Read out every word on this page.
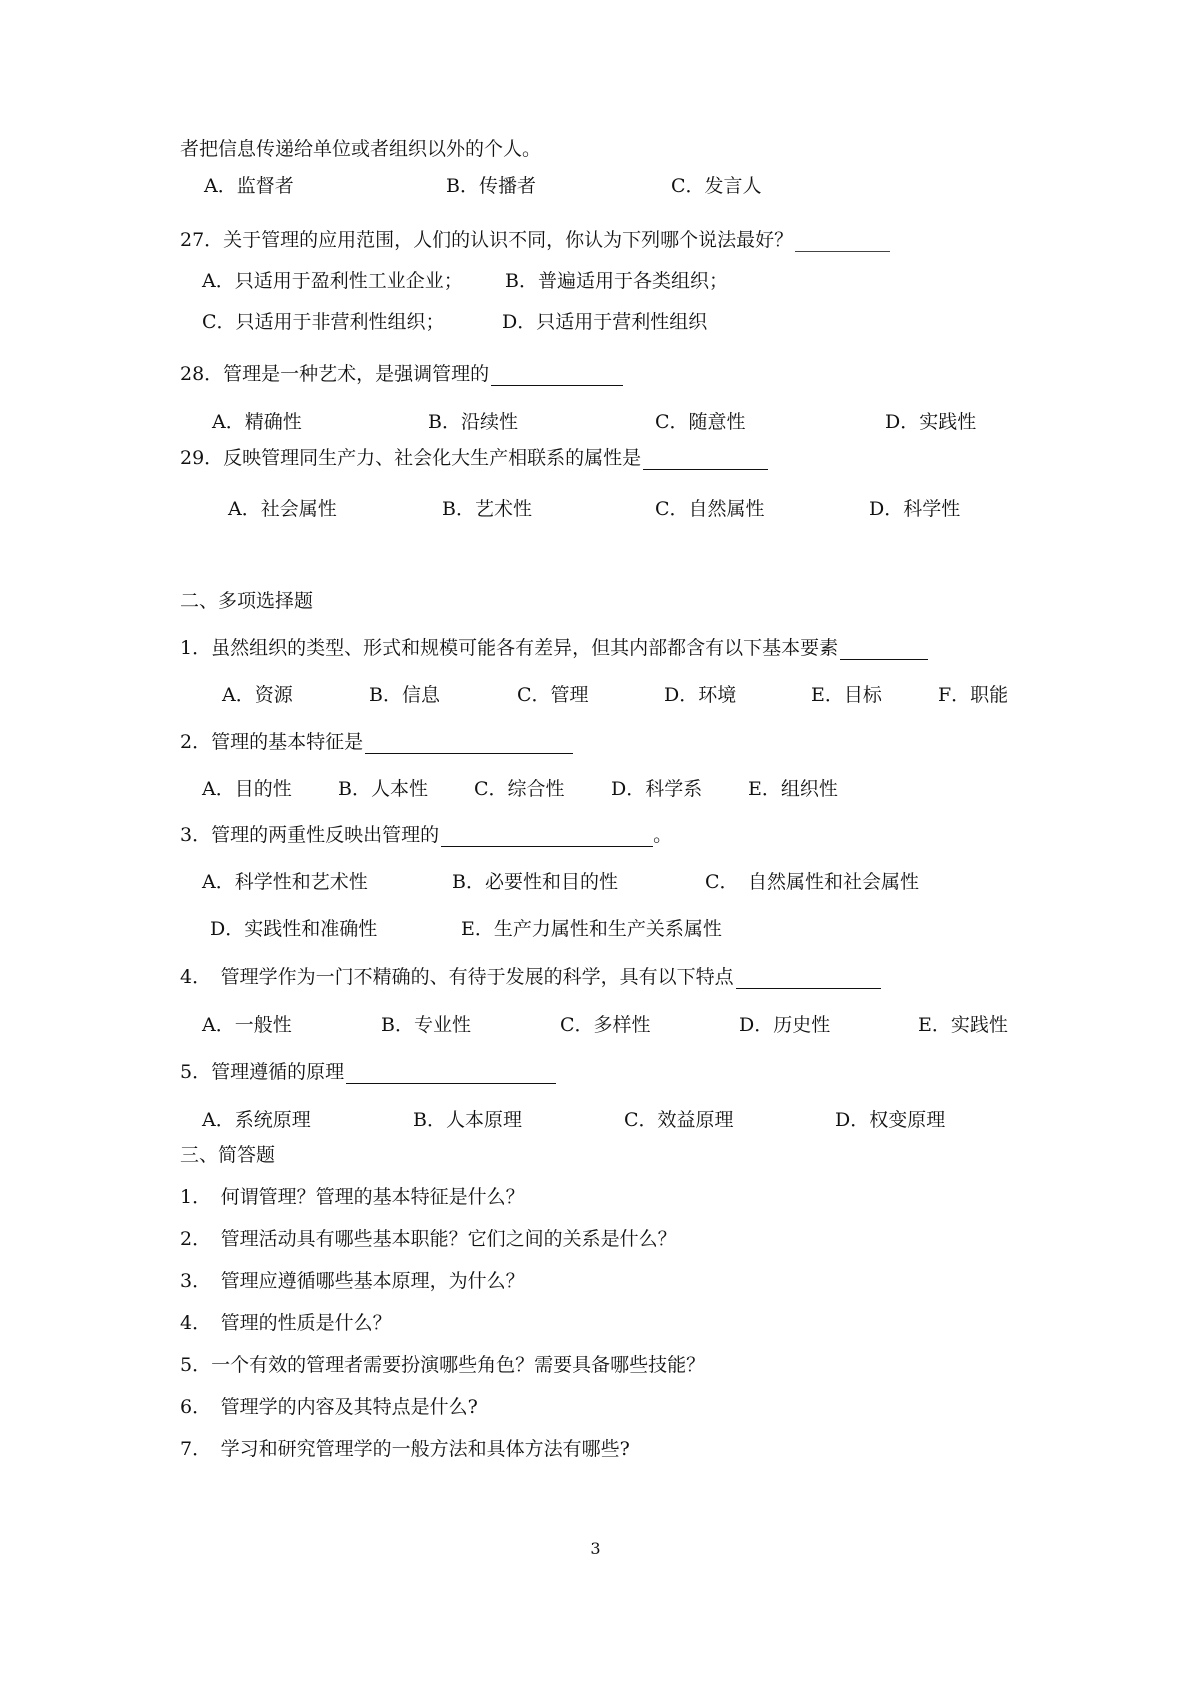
者把信息传递给单位或者组织以外的个人。
A．监督者	B．传播者	C．发言人
27．关于管理的应用范围，人们的认识不同，你认为下列哪个说法最好？
A．只适用于盈利性工业企业； B．普遍适用于各类组织；
C．只适用于非营利性组织；	D．只适用于营利性组织
28．管理是一种艺术，是强调管理的
A．精确性	B．沿续性	C．随意性	D．实践性
29．反映管理同生产力、社会化大生产相联系的属性是
A．社会属性	B．艺术性	C．自然属性	D．科学性
二、多项选择题
1．虽然组织的类型、形式和规模可能各有差异，但其内部都含有以下基本要素
A．资源	B．信息	C．管理	D．环境	E．目标	F．职能
2．管理的基本特征是
A．目的性 B．人本性 C．综合性 D．科学系 E．组织性
3．管理的两重性反映出管理的	。
A．科学性和艺术性	B．必要性和目的性	C．　自然属性和社会属性
D．实践性和准确性	E．生产力属性和生产关系属性
4．　管理学作为一门不精确的、有待于发展的科学，具有以下特点
A．一般性	B．专业性	C．多样性	D．历史性	E．实践性
5．管理遵循的原理
A．系统原理	B．人本原理	C．效益原理	D．权变原理
三、简答题
1．　何谓管理？管理的基本特征是什么？
2．　管理活动具有哪些基本职能？它们之间的关系是什么？
3．　管理应遵循哪些基本原理，为什么？
4．　管理的性质是什么？
5．一个有效的管理者需要扮演哪些角色？需要具备哪些技能？
6．　管理学的内容及其特点是什么?
7．　学习和研究管理学的一般方法和具体方法有哪些?
3
